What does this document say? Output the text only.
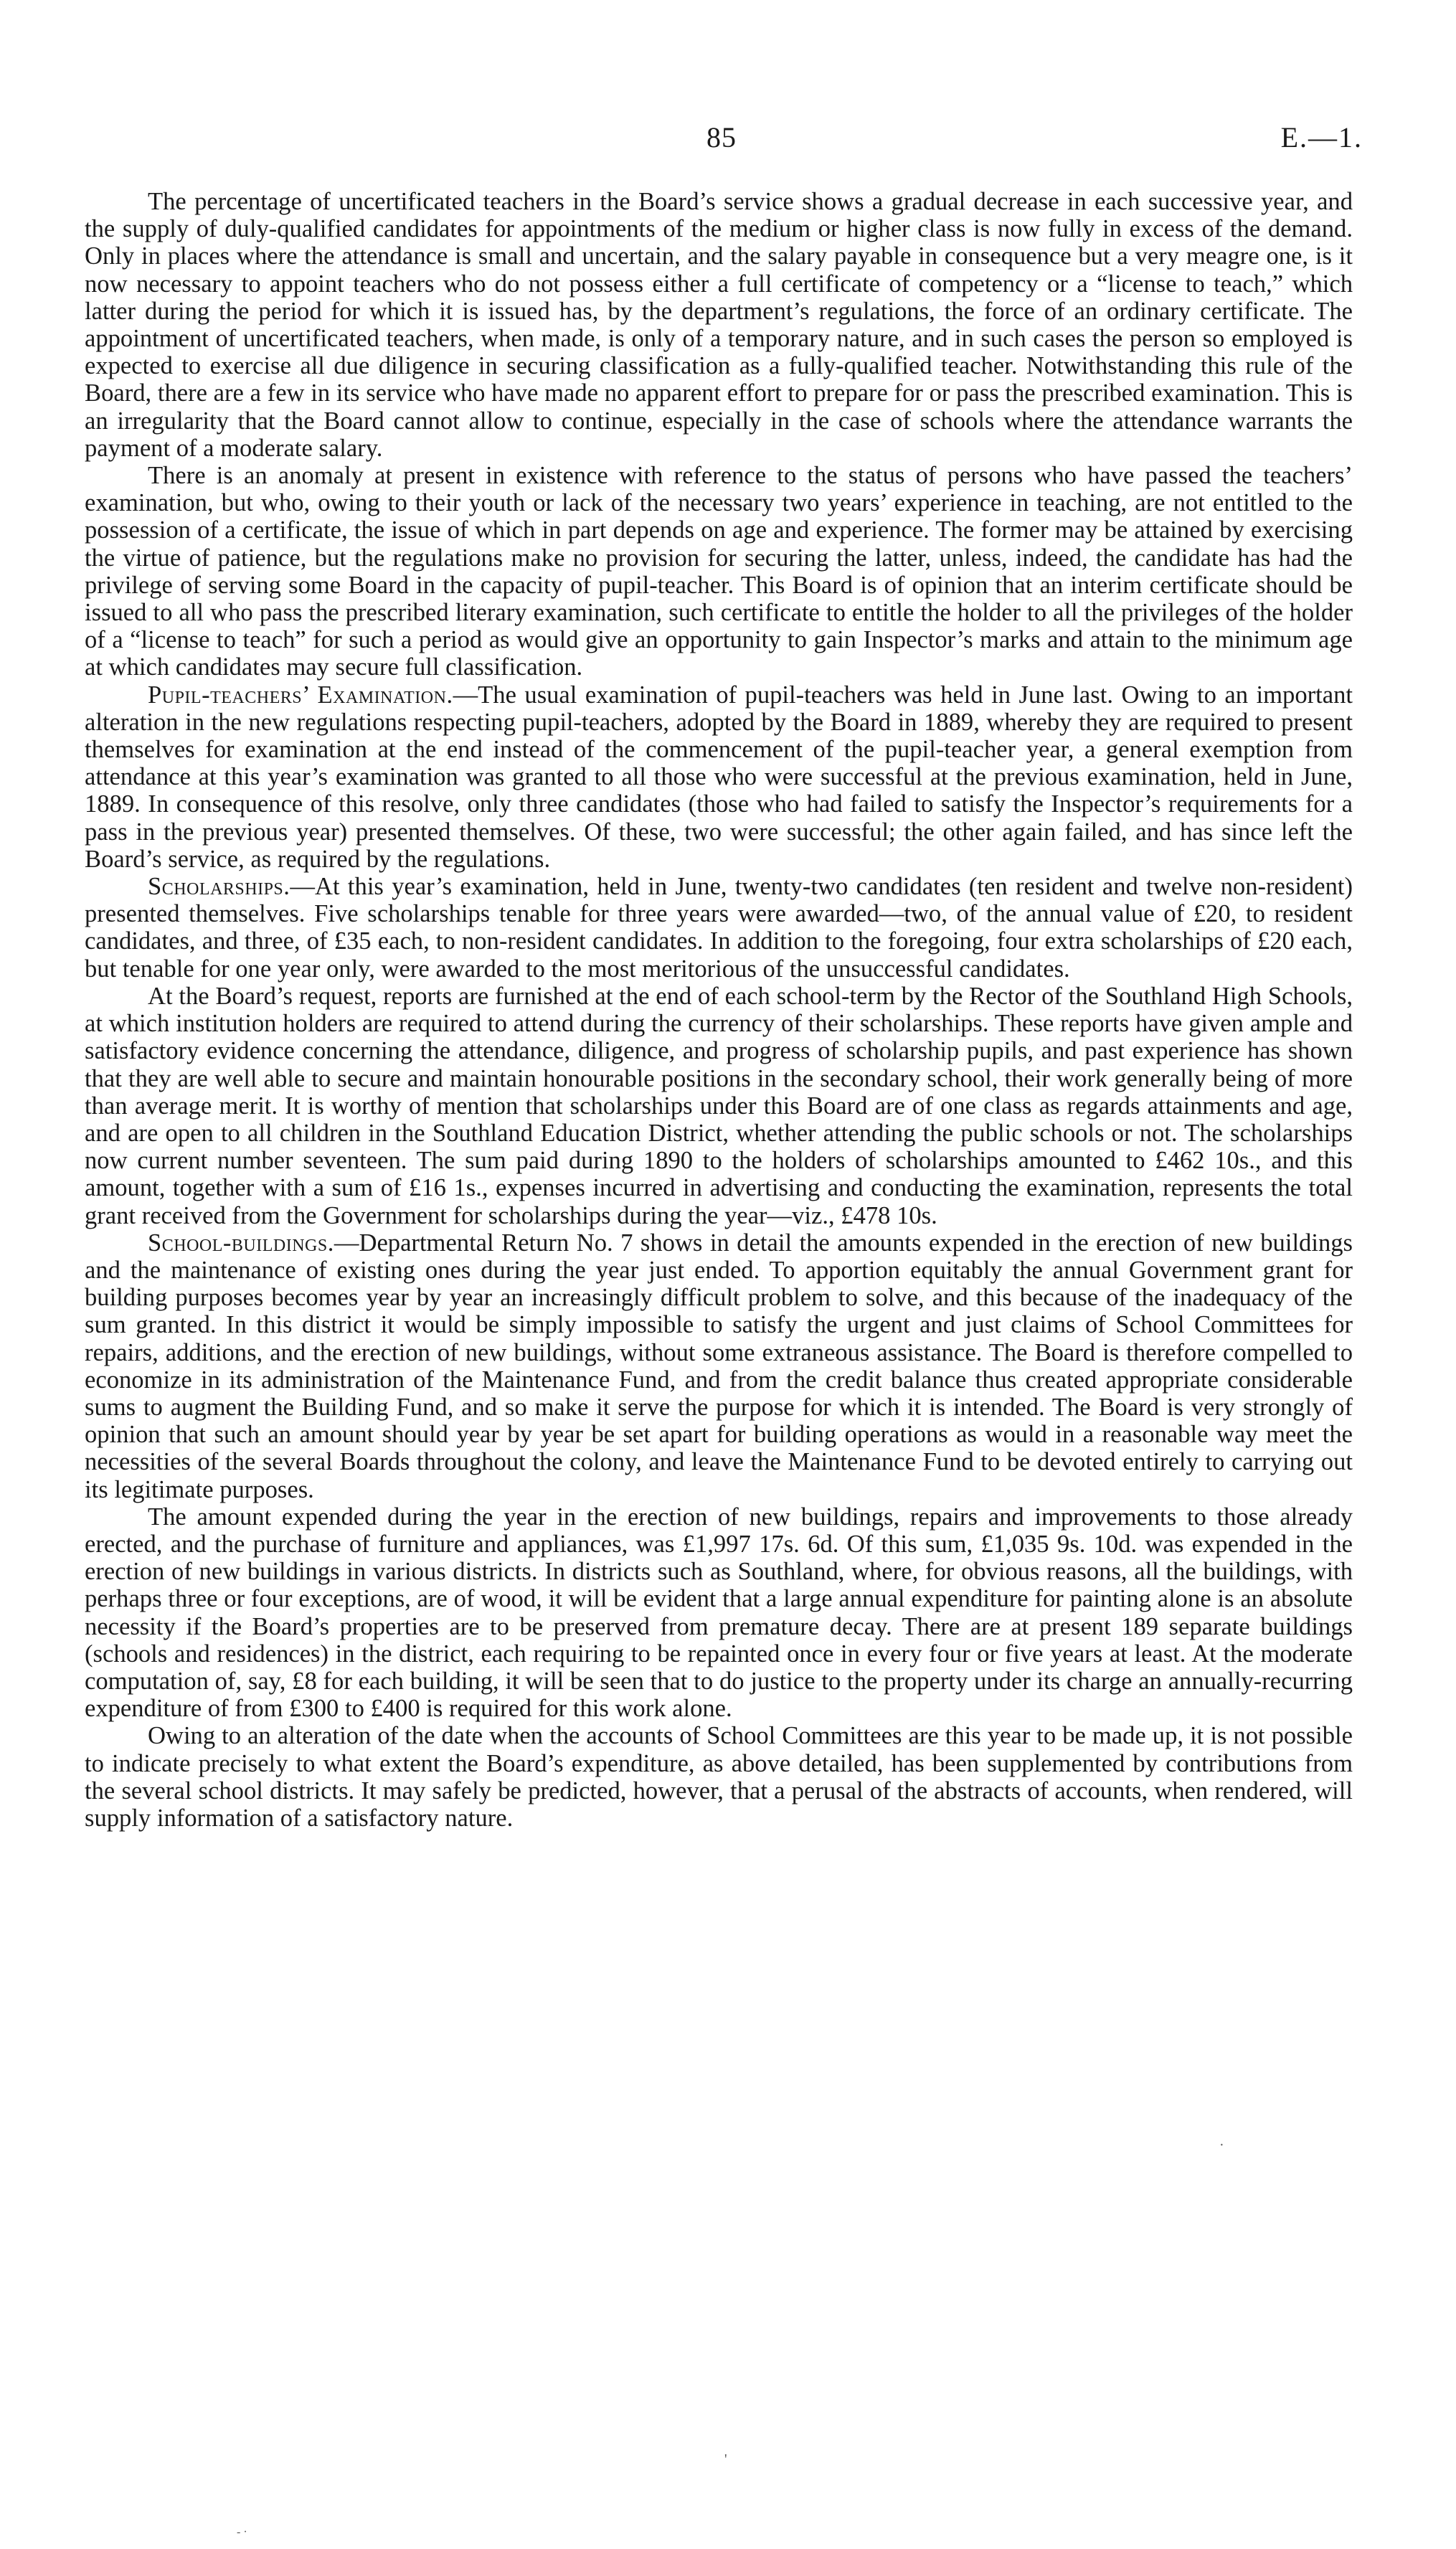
85	E.—1.

The percentage of uncertificated teachers in the Board’s service shows a gradual decrease in each successive year, and the supply of duly-qualified candidates for appointments of the medium or higher class is now fully in excess of the demand. Only in places where the attendance is small and uncertain, and the salary payable in consequence but a very meagre one, is it now necessary to appoint teachers who do not possess either a full certificate of competency or a “license to teach,” which latter during the period for which it is issued has, by the department’s regulations, the force of an ordinary certificate. The appointment of uncertificated teachers, when made, is only of a temporary nature, and in such cases the person so employed is expected to exercise all due diligence in securing classification as a fully-qualified teacher. Notwithstanding this rule of the Board, there are a few in its service who have made no apparent effort to prepare for or pass the prescribed examination. This is an irregularity that the Board cannot allow to continue, especially in the case of schools where the attendance warrants the payment of a moderate salary.

There is an anomaly at present in existence with reference to the status of persons who have passed the teachers’ examination, but who, owing to their youth or lack of the necessary two years’ experience in teaching, are not entitled to the possession of a certificate, the issue of which in part depends on age and experience. The former may be attained by exercising the virtue of patience, but the regulations make no provision for securing the latter, unless, indeed, the candidate has had the privilege of serving some Board in the capacity of pupil-teacher. This Board is of opinion that an interim certificate should be issued to all who pass the prescribed literary examination, such certificate to entitle the holder to all the privileges of the holder of a “license to teach” for such a period as would give an opportunity to gain Inspector’s marks and attain to the minimum age at which candidates may secure full classification.

Pupil-teachers’ Examination.—The usual examination of pupil-teachers was held in June last. Owing to an important alteration in the new regulations respecting pupil-teachers, adopted by the Board in 1889, whereby they are required to present themselves for examination at the end instead of the commencement of the pupil-teacher year, a general exemption from attendance at this year’s examination was granted to all those who were successful at the previous examination, held in June, 1889. In consequence of this resolve, only three candidates (those who had failed to satisfy the Inspector’s requirements for a pass in the previous year) presented themselves. Of these, two were successful; the other again failed, and has since left the Board’s service, as required by the regulations.

Scholarships.—At this year’s examination, held in June, twenty-two candidates (ten resident and twelve non-resident) presented themselves. Five scholarships tenable for three years were awarded—two, of the annual value of £20, to resident candidates, and three, of £35 each, to non-resident candidates. In addition to the foregoing, four extra scholarships of £20 each, but tenable for one year only, were awarded to the most meritorious of the unsuccessful candidates.

At the Board’s request, reports are furnished at the end of each school-term by the Rector of the Southland High Schools, at which institution holders are required to attend during the currency of their scholarships. These reports have given ample and satisfactory evidence concerning the attendance, diligence, and progress of scholarship pupils, and past experience has shown that they are well able to secure and maintain honourable positions in the secondary school, their work generally being of more than average merit. It is worthy of mention that scholarships under this Board are of one class as regards attainments and age, and are open to all children in the Southland Education District, whether attending the public schools or not. The scholarships now current number seventeen. The sum paid during 1890 to the holders of scholarships amounted to £462 10s., and this amount, together with a sum of £16 1s., expenses incurred in advertising and conducting the examination, represents the total grant received from the Government for scholarships during the year—viz., £478 10s.

School-buildings.—Departmental Return No. 7 shows in detail the amounts expended in the erection of new buildings and the maintenance of existing ones during the year just ended. To apportion equitably the annual Government grant for building purposes becomes year by year an increasingly difficult problem to solve, and this because of the inadequacy of the sum granted. In this district it would be simply impossible to satisfy the urgent and just claims of School Committees for repairs, additions, and the erection of new buildings, without some extraneous assistance. The Board is therefore compelled to economize in its administration of the Maintenance Fund, and from the credit balance thus created appropriate considerable sums to augment the Building Fund, and so make it serve the purpose for which it is intended. The Board is very strongly of opinion that such an amount should year by year be set apart for building operations as would in a reasonable way meet the necessities of the several Boards throughout the colony, and leave the Maintenance Fund to be devoted entirely to carrying out its legitimate purposes.

The amount expended during the year in the erection of new buildings, repairs and improvements to those already erected, and the purchase of furniture and appliances, was £1,997 17s. 6d. Of this sum, £1,035 9s. 10d. was expended in the erection of new buildings in various districts. In districts such as Southland, where, for obvious reasons, all the buildings, with perhaps three or four exceptions, are of wood, it will be evident that a large annual expenditure for painting alone is an absolute necessity if the Board’s properties are to be preserved from premature decay. There are at present 189 separate buildings (schools and residences) in the district, each requiring to be repainted once in every four or five years at least. At the moderate computation of, say, £8 for each building, it will be seen that to do justice to the property under its charge an annually-recurring expenditure of from £300 to £400 is required for this work alone.

Owing to an alteration of the date when the accounts of School Committees are this year to be made up, it is not possible to indicate precisely to what extent the Board’s expenditure, as above detailed, has been supplemented by contributions from the several school districts. It may safely be predicted, however, that a perusal of the abstracts of accounts, when rendered, will supply information of a satisfactory nature.

·
'
- ·
